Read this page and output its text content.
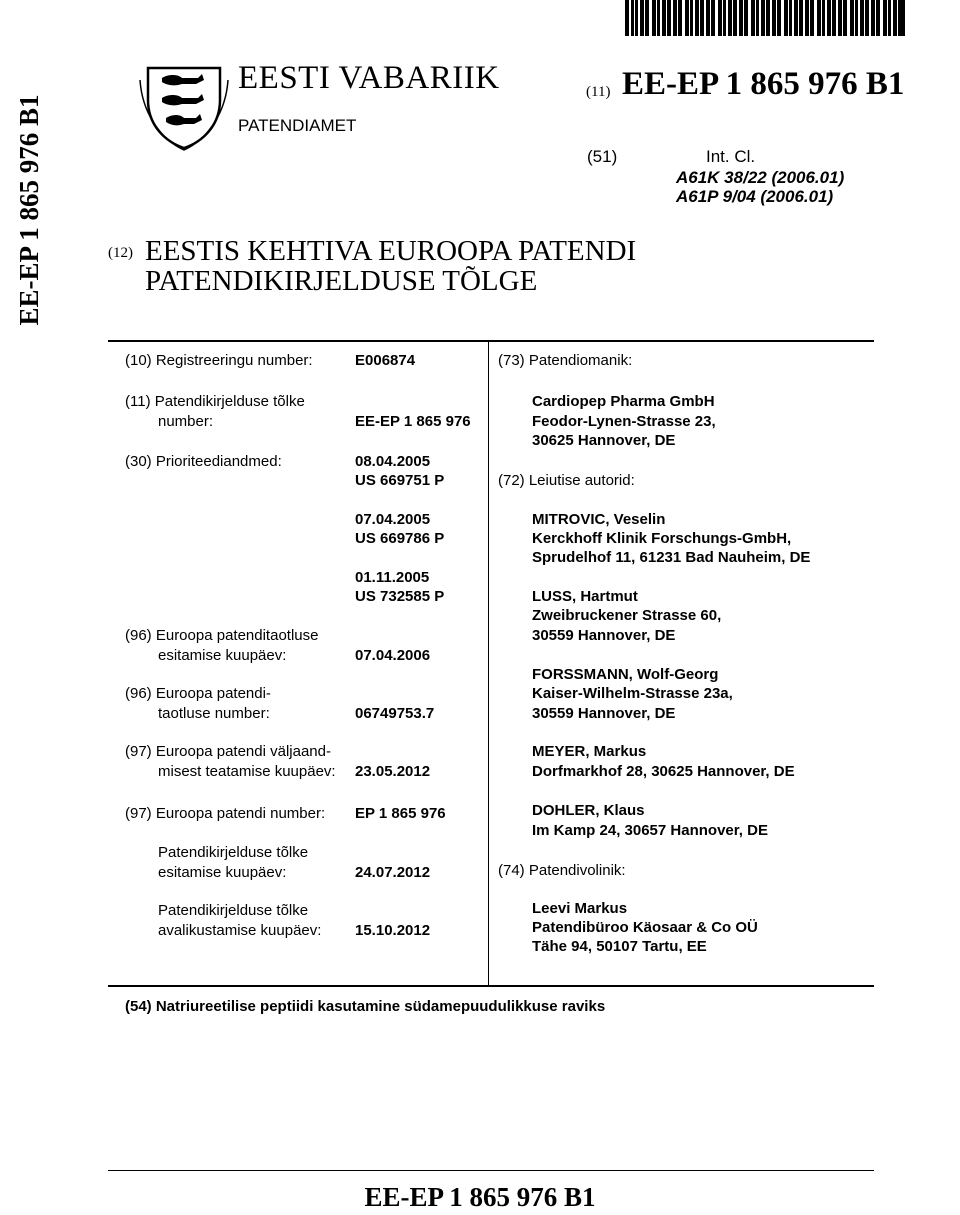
EE-EP 1 865 976 B1
EESTI VABARIIK
PATENDIAMET
(11) EE-EP 1 865 976 B1
(51)	Int. Cl.
A61K 38/22 (2006.01)
A61P 9/04 (2006.01)
(12) EESTIS KEHTIVA EUROOPA PATENDI
PATENDIKIRJELDUSE TÕLGE
(10) Registreeringu number:	E006874
(11) Patendikirjelduse tõlke
number:	EE-EP 1 865 976
(30) Prioriteediandmed:	08.04.2005
US 669751 P
07.04.2005
US 669786 P
01.11.2005
US 732585 P
(96) Euroopa patenditaotluse
esitamise kuupäev:	07.04.2006
(96) Euroopa patendi-
taotluse number:	06749753.7
(97) Euroopa patendi väljaand-
misest teatamise kuupäev: 23.05.2012
(97) Euroopa patendi number: EP 1 865 976
Patendikirjelduse tõlke
esitamise kuupäev:	24.07.2012
Patendikirjelduse tõlke
avalikustamise kuupäev: 15.10.2012
(73) Patendiomanik:
Cardiopep Pharma GmbH
Feodor-Lynen-Strasse 23,
30625 Hannover, DE
(72) Leiutise autorid:
MITROVIC, Veselin
Kerckhoff Klinik Forschungs-GmbH,
Sprudelhof 11, 61231 Bad Nauheim, DE
LUSS, Hartmut
Zweibruckener Strasse 60,
30559 Hannover, DE
FORSSMANN, Wolf-Georg
Kaiser-Wilhelm-Strasse 23a,
30559 Hannover, DE
MEYER, Markus
Dorfmarkhof 28, 30625 Hannover, DE
DOHLER, Klaus
Im Kamp 24, 30657 Hannover, DE
(74) Patendivolinik:
Leevi Markus
Patendibüroo Käosaar & Co OÜ
Tähe 94, 50107 Tartu, EE
(54) Natriureetilise peptiidi kasutamine südamepuudulikkuse raviks
EE-EP 1 865 976 B1
